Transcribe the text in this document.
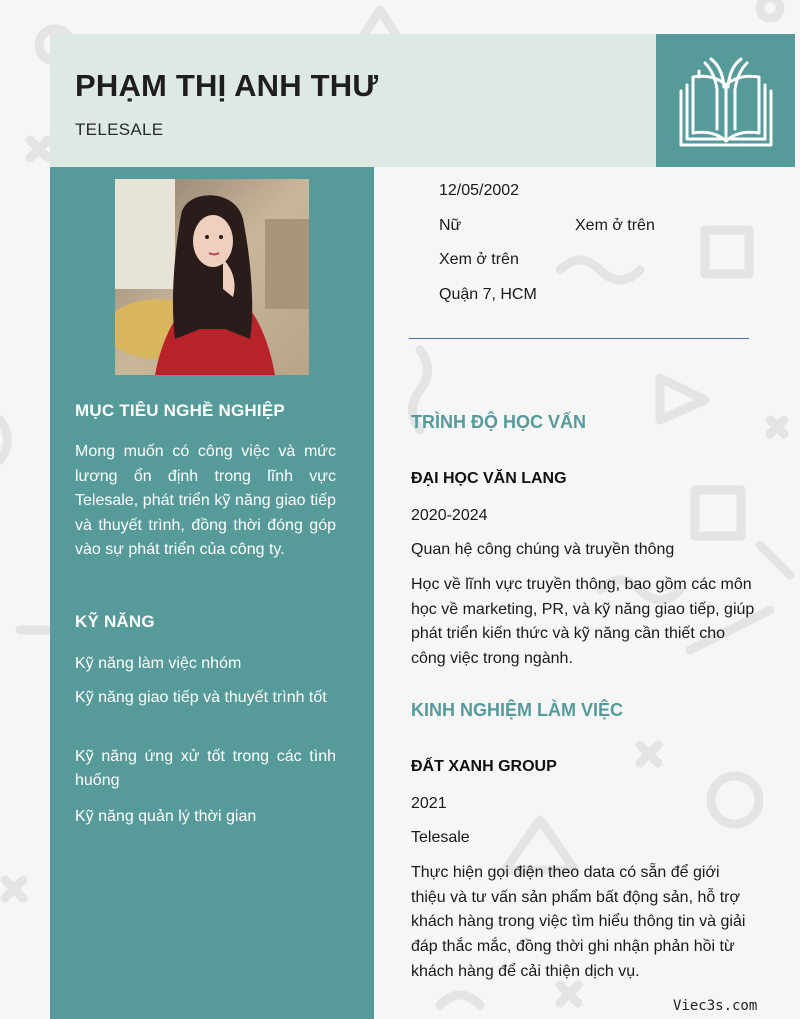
PHẠM THỊ ANH THƯ
TELESALE
MỤC TIÊU NGHỀ NGHIỆP
Mong muốn có công việc và mức lương ổn định trong lĩnh vực Telesale, phát triển kỹ năng giao tiếp và thuyết trình, đồng thời đóng góp vào sự phát triển của công ty.
KỸ NĂNG
Kỹ năng làm việc nhóm
Kỹ năng giao tiếp và thuyết trình tốt
Kỹ năng ứng xử tốt trong các tình huống
Kỹ năng quản lý thời gian
12/05/2002
Nữ	Xem ở trên
Xem ở trên
Quận 7, HCM
TRÌNH ĐỘ HỌC VẤN
ĐẠI HỌC VĂN LANG
2020-2024
Quan hệ công chúng và truyền thông
Học về lĩnh vực truyền thông, bao gồm các môn học về marketing, PR, và kỹ năng giao tiếp, giúp phát triển kiến thức và kỹ năng cần thiết cho công việc trong ngành.
KINH NGHIỆM LÀM VIỆC
ĐẤT XANH GROUP
2021
Telesale
Thực hiện gọi điện theo data có sẵn để giới thiệu và tư vấn sản phẩm bất động sản, hỗ trợ khách hàng trong việc tìm hiểu thông tin và giải đáp thắc mắc, đồng thời ghi nhận phản hồi từ khách hàng để cải thiện dịch vụ.
Viec3s.com
